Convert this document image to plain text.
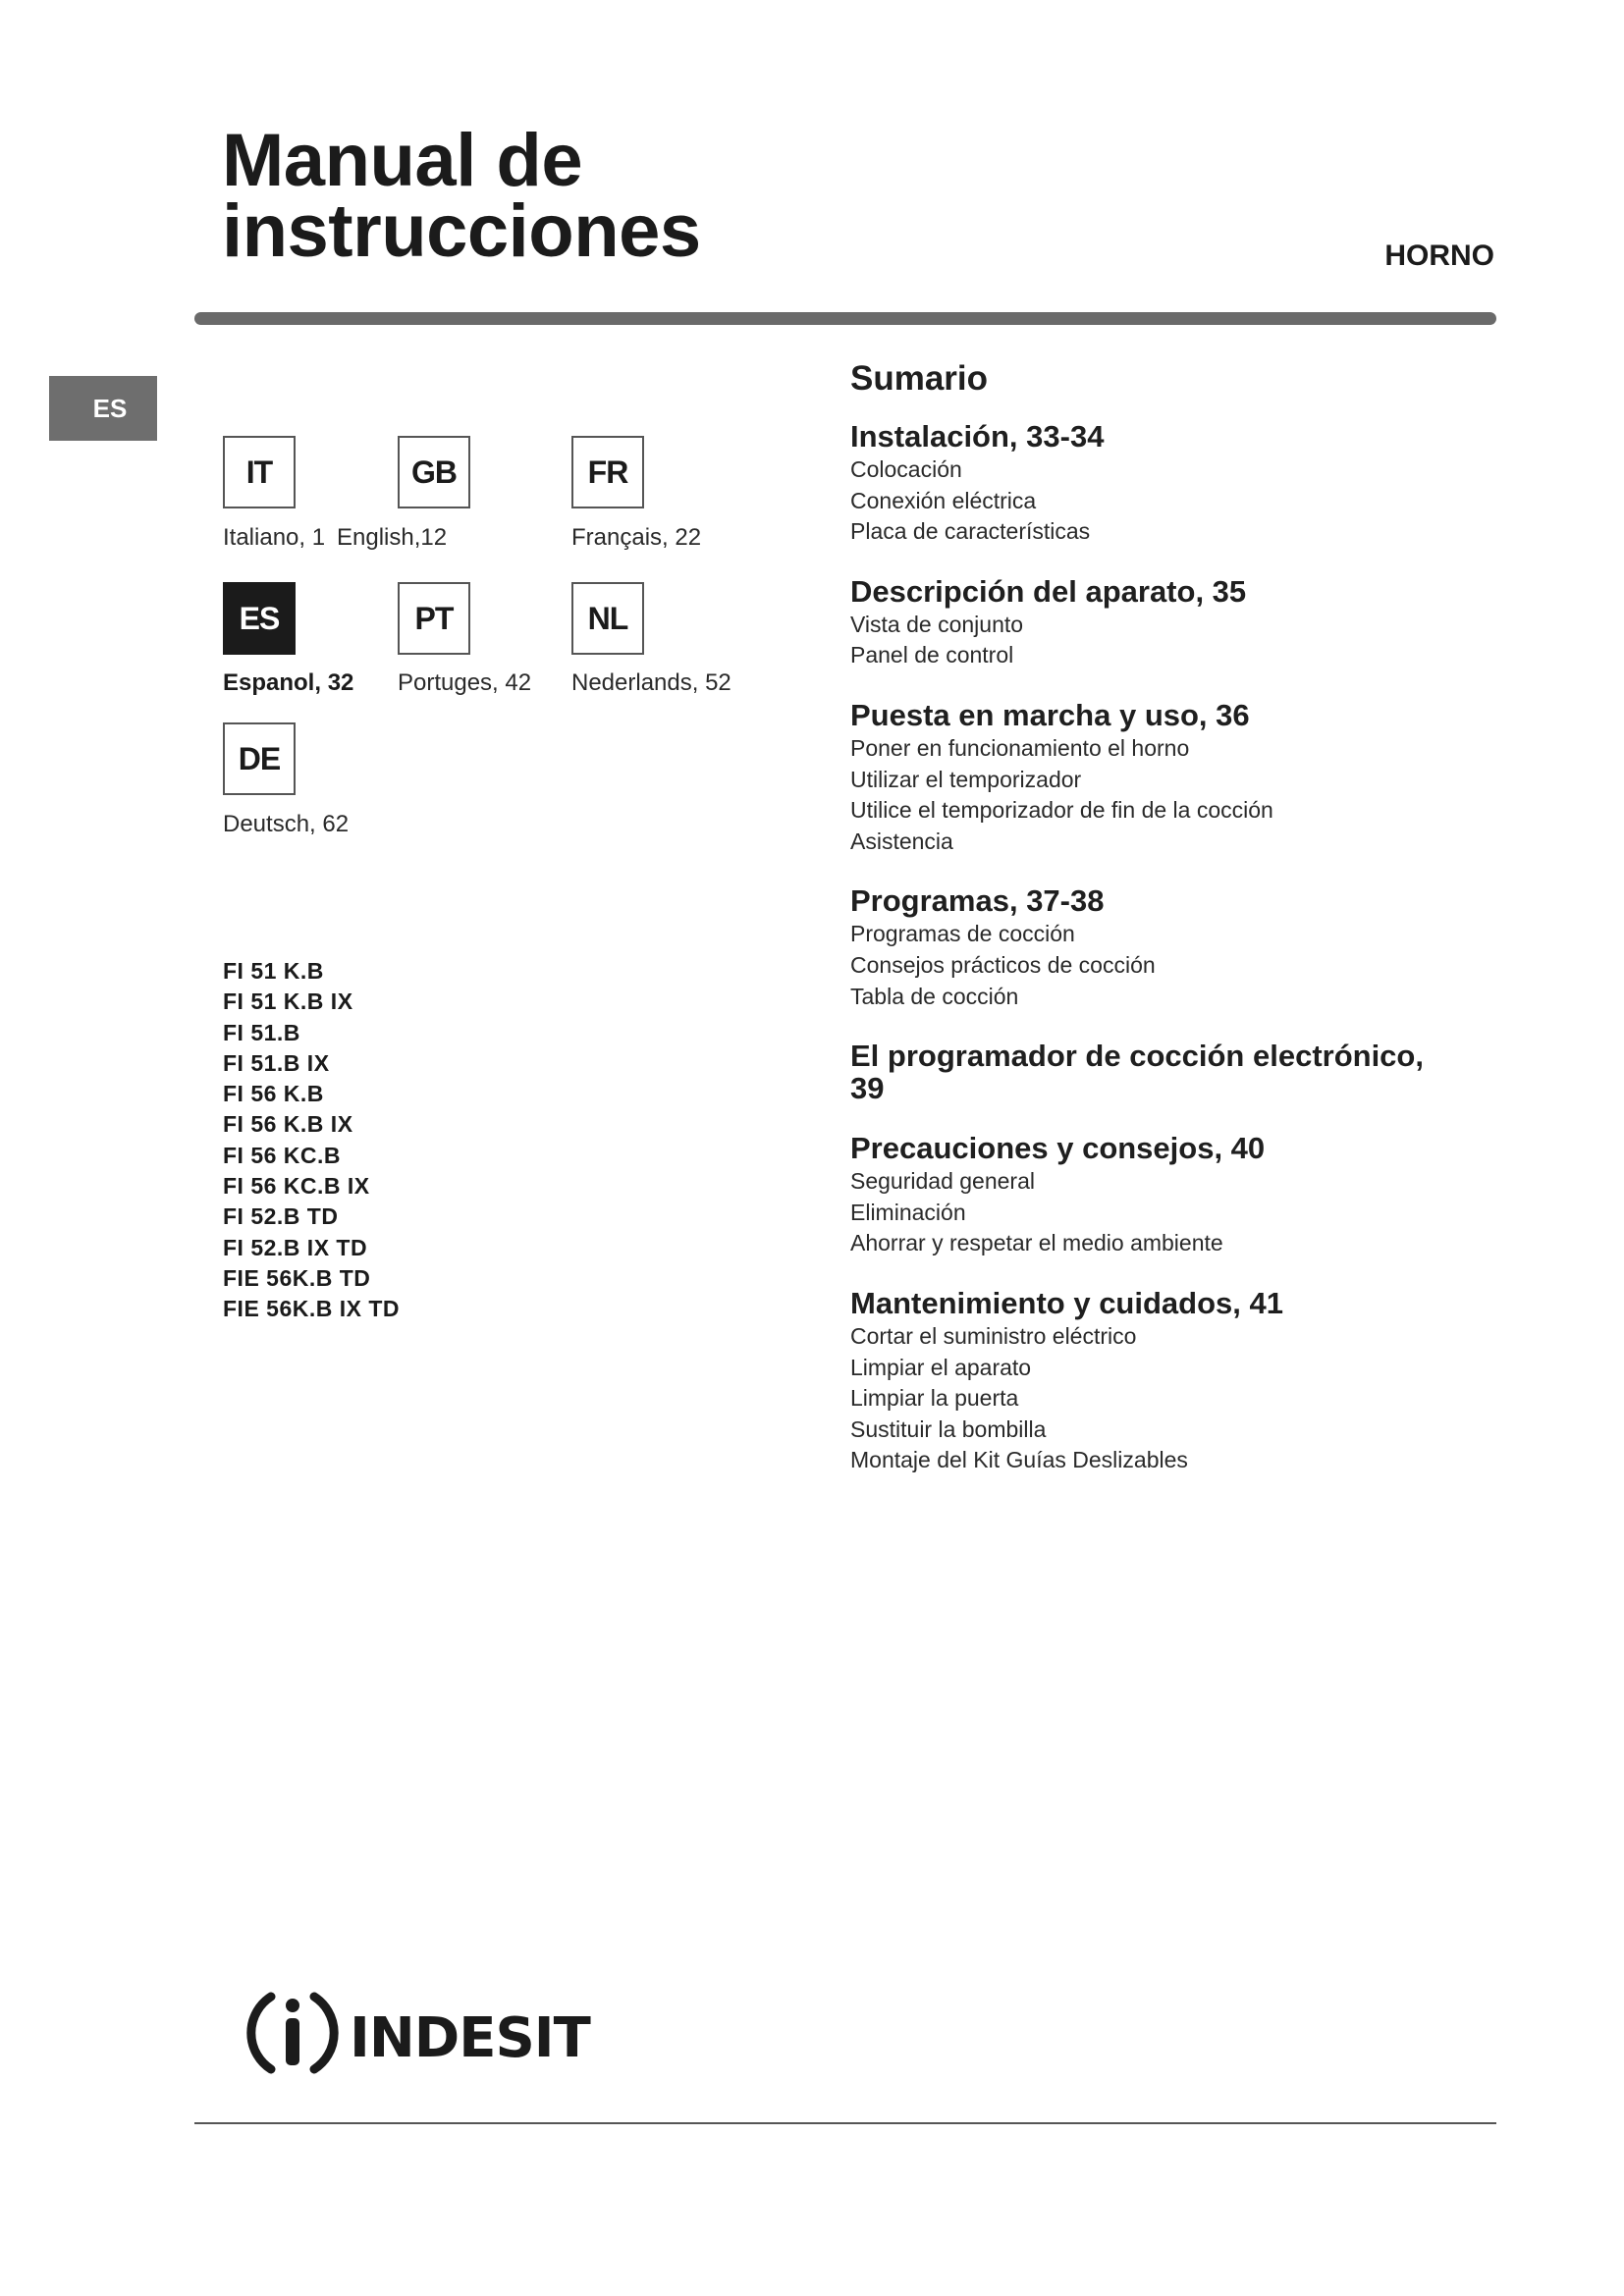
Manual de
instrucciones	HORNO
ES
IT	GB	FR
Italiano, 1 English,12	Français, 22
ES	PT	NL
Espanol, 32 Portuges, 42 Nederlands, 52
DE
Deutsch, 62
FI 51 K.B
FI 51 K.B IX
FI 51.B
FI 51.B IX
FI 56 K.B
FI 56 K.B IX
FI 56 KC.B
FI 56 KC.B IX
FI 52.B TD
FI 52.B IX TD
FIE 56K.B TD
FIE 56K.B IX TD
Sumario
Instalación, 33-34
Colocación
Conexión eléctrica
Placa de características
Descripción del aparato, 35
Vista de conjunto
Panel de control
Puesta en marcha y uso, 36
Poner en funcionamiento el horno
Utilizar el temporizador
Utilice el temporizador de fin de la cocción
Asistencia
Programas, 37-38
Programas de cocción
Consejos prácticos de cocción
Tabla de cocción
El programador de cocción electrónico, 39
Precauciones y consejos, 40
Seguridad general
Eliminación
Ahorrar y respetar el medio ambiente
Mantenimiento y cuidados, 41
Cortar el suministro eléctrico
Limpiar el aparato
Limpiar la puerta
Sustituir la bombilla
Montaje del Kit Guías Deslizables
INDESIT
